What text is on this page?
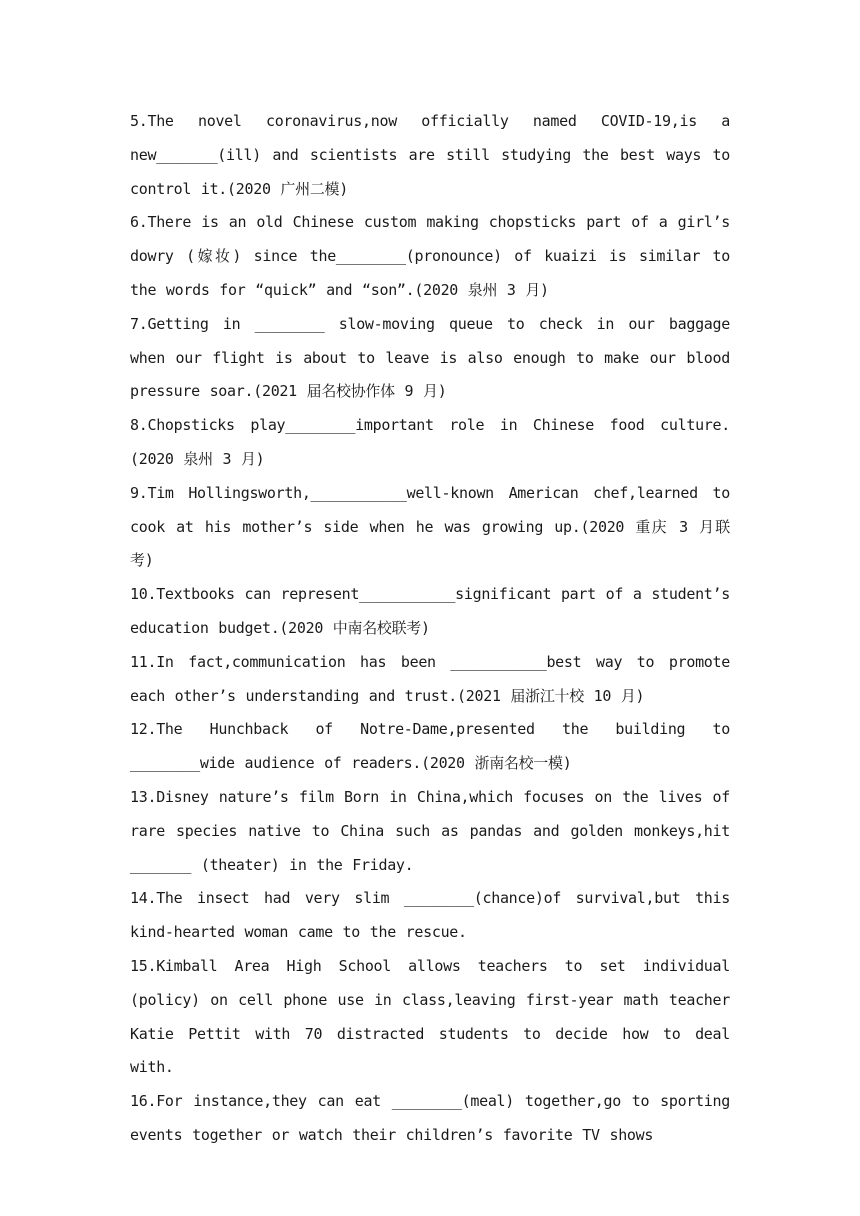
5.The novel coronavirus,now officially named COVID-19,is a new_______(ill) and scientists are still studying the best ways to control it.(2020 广州二模)

6.There is an old Chinese custom making chopsticks part of a girl’s dowry (嫁妆) since the________(pronounce) of kuaizi is similar to the words for “quick” and “son”.(2020 泉州 3 月)

7.Getting in ________ slow-moving queue to check in our baggage when our flight is about to leave is also enough to make our blood pressure soar.(2021 届名校协作体 9 月)

8.Chopsticks play________important role in Chinese food culture.(2020 泉州 3 月)

9.Tim Hollingsworth,___________well-known American chef,learned to cook at his mother’s side when he was growing up.(2020 重庆 3 月联考)

10.Textbooks can represent___________significant part of a student’s education budget.(2020 中南名校联考)

11.In fact,communication has been ___________best way to promote each other’s understanding and trust.(2021 届浙江十校 10 月)

12.The Hunchback of Notre-Dame,presented the building to ________wide audience of readers.(2020 浙南名校一模)

13.Disney nature’s film Born in China,which focuses on the lives of rare species native to China such as pandas and golden monkeys,hit _______ (theater) in the Friday.

14.The insect had very slim ________(chance)of survival,but this kind-hearted woman came to the rescue.

15.Kimball Area High School allows teachers to set individual (policy) on cell phone use in class,leaving first-year math teacher Katie Pettit with 70 distracted students to decide how to deal with.

16.For instance,they can eat ________(meal) together,go to sporting events together or watch their children’s favorite TV shows
